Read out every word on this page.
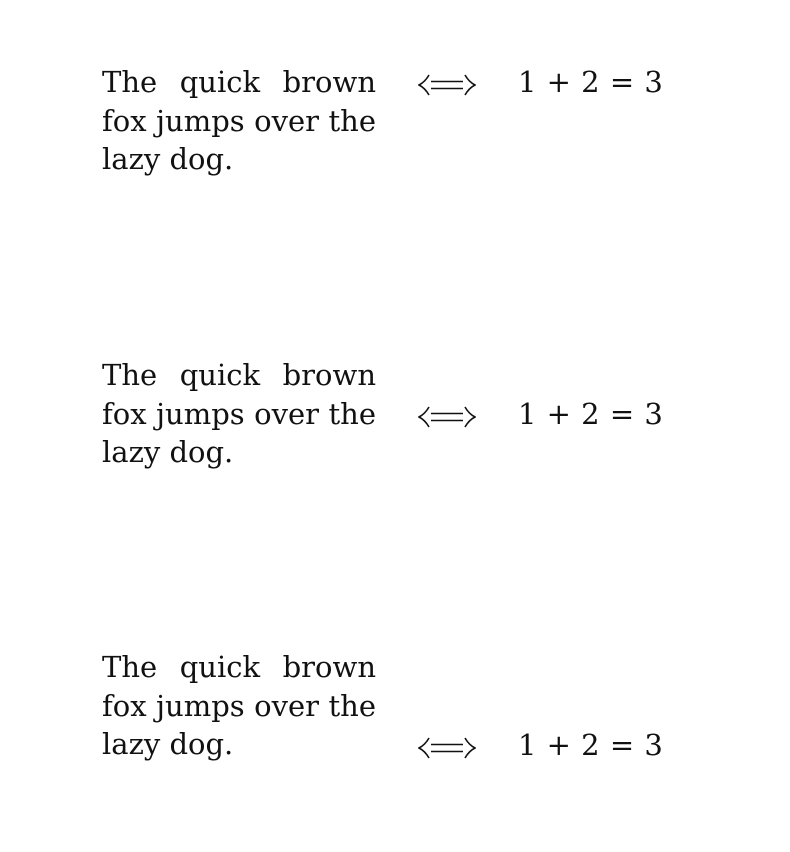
The quick brown fox jumps over the lazy dog.
1 + 2 = 3
The quick brown fox jumps over the lazy dog.
1 + 2 = 3
The quick brown fox jumps over the lazy dog.	1 + 2 = 3
